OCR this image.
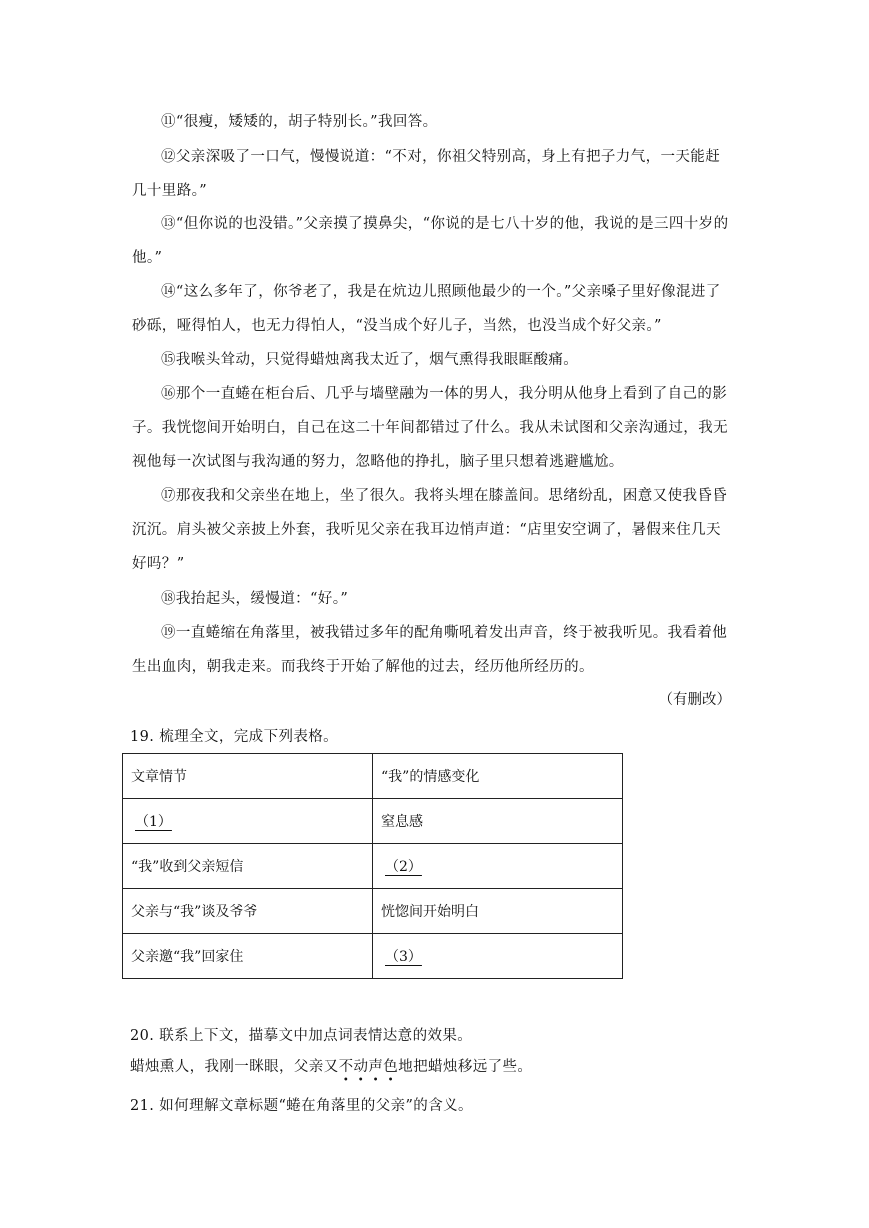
⑪“很瘦，矮矮的，胡子特别长。”我回答。

⑫父亲深吸了一口气，慢慢说道：“不对，你祖父特别高，身上有把子力气，一天能赶几十里路。”

⑬“但你说的也没错。”父亲摸了摸鼻尖，“你说的是七八十岁的他，我说的是三四十岁的他。”

⑭“这么多年了，你爷老了，我是在炕边儿照顾他最少的一个。”父亲嗓子里好像混进了砂砾，哑得怕人，也无力得怕人，“没当成个好儿子，当然，也没当成个好父亲。”

⑮我喉头耸动，只觉得蜡烛离我太近了，烟气熏得我眼眶酸痛。

⑯那个一直蜷在柜台后、几乎与墙壁融为一体的男人，我分明从他身上看到了自己的影子。我恍惚间开始明白，自己在这二十年间都错过了什么。我从未试图和父亲沟通过，我无视他每一次试图与我沟通的努力，忽略他的挣扎，脑子里只想着逃避尴尬。

⑰那夜我和父亲坐在地上，坐了很久。我将头埋在膝盖间。思绪纷乱，困意又使我昏昏沉沉。肩头被父亲披上外套，我听见父亲在我耳边悄声道：“店里安空调了，暑假来住几天好吗？”

⑱我抬起头，缓慢道：“好。”

⑲一直蜷缩在角落里，被我错过多年的配角嘶吼着发出声音，终于被我听见。我看着他生出血肉，朝我走来。而我终于开始了解他的过去，经历他所经历的。

（有删改）

19. 梳理全文，完成下列表格。

文章情节	“我”的情感变化
（1）	窒息感
“我”收到父亲短信	（2）
父亲与“我”谈及爷爷	恍惚间开始明白
父亲邀“我”回家住	（3）

20. 联系上下文，描摹文中加点词表情达意的效果。

蜡烛熏人，我刚一眯眼，父亲又不动声色
• • • •
地把蜡烛移远了些。

21. 如何理解文章标题“蜷在角落里的父亲”的含义。
